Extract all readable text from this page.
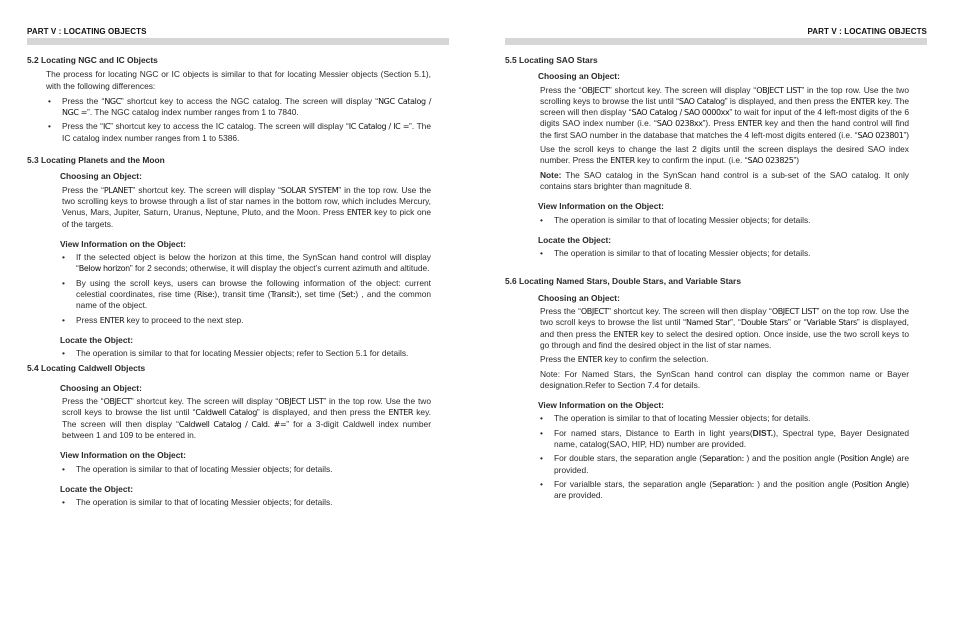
PART V : LOCATING OBJECTS
5.2 Locating NGC and IC Objects
The process for locating NGC or IC objects is similar to that for locating Messier objects (Section 5.1), with the following differences:
• Press the “NGC” shortcut key to access the NGC catalog. The screen will display “NGC Catalog / NGC =”. The NGC catalog index number ranges from 1 to 7840.
• Press the “IC” shortcut key to access the IC catalog. The screen will display “IC Catalog / IC =”. The IC catalog index number ranges from 1 to 5386.
5.3 Locating Planets and the Moon
Choosing an Object:
Press the “PLANET” shortcut key. The screen will display “SOLAR SYSTEM” in the top row. Use the two scrolling keys to browse through a list of star names in the bottom row, which includes Mercury, Venus, Mars, Jupiter, Saturn, Uranus, Neptune, Pluto, and the Moon. Press ENTER key to pick one of the targets.
View Information on the Object:
• If the selected object is below the horizon at this time, the SynScan hand control will display “Below horizon” for 2 seconds; otherwise, it will display the object’s current azimuth and altitude.
• By using the scroll keys, users can browse the following information of the object: current celestial coordinates, rise time (Rise:), transit time (Transit:), set time (Set:) , and the common name of the object.
• Press ENTER key to proceed to the next step.
Locate the Object:
• The operation is similar to that for locating Messier objects; refer to Section 5.1 for details.
5.4 Locating Caldwell Objects
Choosing an Object:
Press the “OBJECT” shortcut key. The screen will display “OBJECT LIST” in the top row. Use the two scroll keys to browse the list until “Caldwell Catalog” is displayed, and then press the ENTER key. The screen will then display “Caldwell Catalog / Cald. #=” for a 3-digit Caldwell index number between 1 and 109 to be entered in.
View Information on the Object:
• The operation is similar to that of locating Messier objects; for details.
Locate the Object:
• The operation is similar to that of locating Messier objects; for details.
PART V : LOCATING OBJECTS
5.5 Locating SAO Stars
Choosing an Object:
Press the “OBJECT” shortcut key. The screen will display “OBJECT LIST” in the top row. Use the two scrolling keys to browse the list until “SAO Catalog” is displayed, and then press the ENTER key. The screen will then display “SAO Catalog / SAO 0000xx” to wait for input of the 4 left-most digits of the 6 digits SAO index number (i.e. “SAO 0238xx”). Press ENTER key and then the hand control will find the first SAO number in the database that matches the 4 left-most digits entered (i.e. “SAO 023801”)
Use the scroll keys to change the last 2 digits until the screen displays the desired SAO index number. Press the ENTER key to confirm the input. (i.e. “SAO 023825”)
Note: The SAO catalog in the SynScan hand control is a sub-set of the SAO catalog. It only contains stars brighter than magnitude 8.
View Information on the Object:
• The operation is similar to that of locating Messier objects; for details.
Locate the Object:
• The operation is similar to that of locating Messier objects; for details.
5.6 Locating Named Stars, Double Stars, and Variable Stars
Choosing an Object:
Press the “OBJECT” shortcut key. The screen will then display “OBJECT LIST” on the top row. Use the two scroll keys to browse the list until “Named Star”, “Double Stars” or “Variable Stars” is displayed, and then press the ENTER key to select the desired option. Once inside, use the two scroll keys to go through and find the desired object in the list of star names.
Press the ENTER key to confirm the selection.
Note: For Named Stars, the SynScan hand control can display the common name or Bayer designation.Refer to Section 7.4 for details.
View Information on the Object:
• The operation is similar to that of locating Messier objects; for details.
• For named stars, Distance to Earth in light years(DIST.), Spectral type, Bayer Designated name, catalog(SAO, HIP, HD) number are provided.
• For double stars, the separation angle (Separation: ) and the position angle (Position Angle) are provided.
• For varialble stars, the separation angle (Separation: ) and the position angle (Position Angle) are provided.
